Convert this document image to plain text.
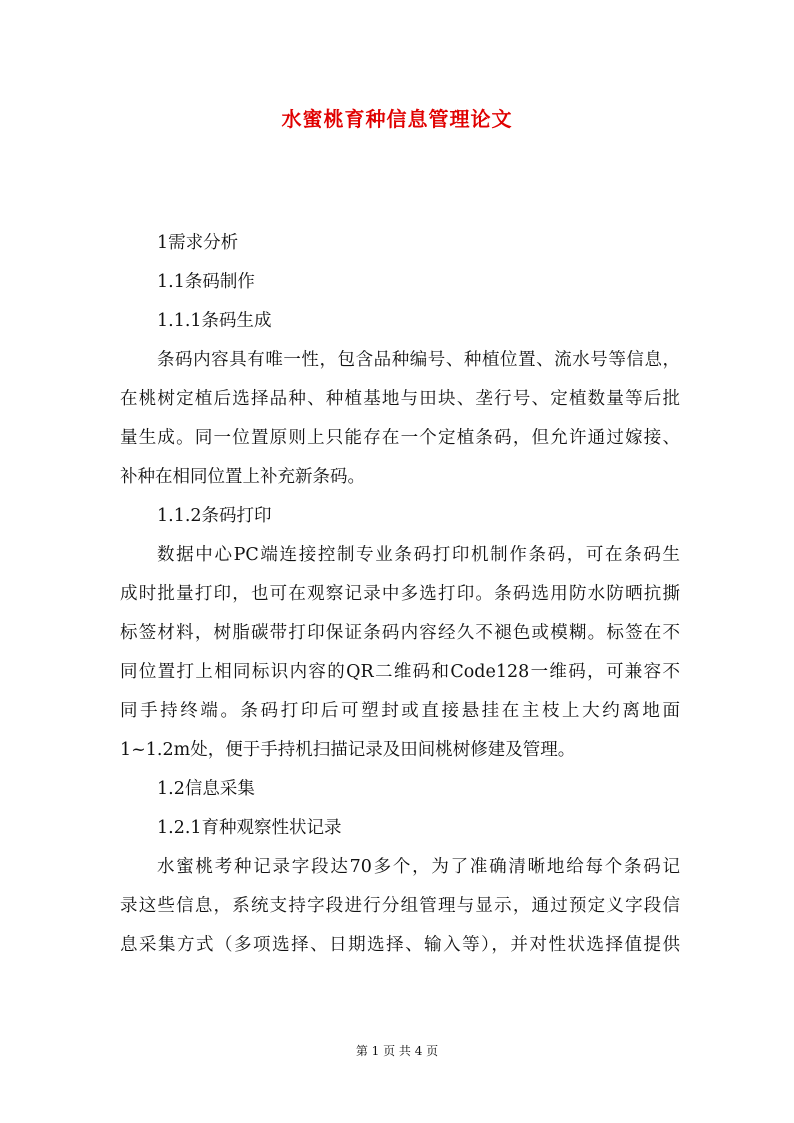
水蜜桃育种信息管理论文
1需求分析
1.1条码制作
1.1.1条码生成
条码内容具有唯一性，包含品种编号、种植位置、流水号等信息，
在桃树定植后选择品种、种植基地与田块、垄行号、定植数量等后批
量生成。同一位置原则上只能存在一个定植条码，但允许通过嫁接、
补种在相同位置上补充新条码。
1.1.2条码打印
数据中心PC端连接控制专业条码打印机制作条码，可在条码生
成时批量打印，也可在观察记录中多选打印。条码选用防水防晒抗撕
标签材料，树脂碳带打印保证条码内容经久不褪色或模糊。标签在不
同位置打上相同标识内容的QR二维码和Code128一维码，可兼容不
同手持终端。条码打印后可塑封或直接悬挂在主枝上大约离地面
1~1.2m处，便于手持机扫描记录及田间桃树修建及管理。
1.2信息采集
1.2.1育种观察性状记录
水蜜桃考种记录字段达70多个，为了准确清晰地给每个条码记
录这些信息，系统支持字段进行分组管理与显示，通过预定义字段信
息采集方式（多项选择、日期选择、输入等），并对性状选择值提供
第 1 页 共 4 页
